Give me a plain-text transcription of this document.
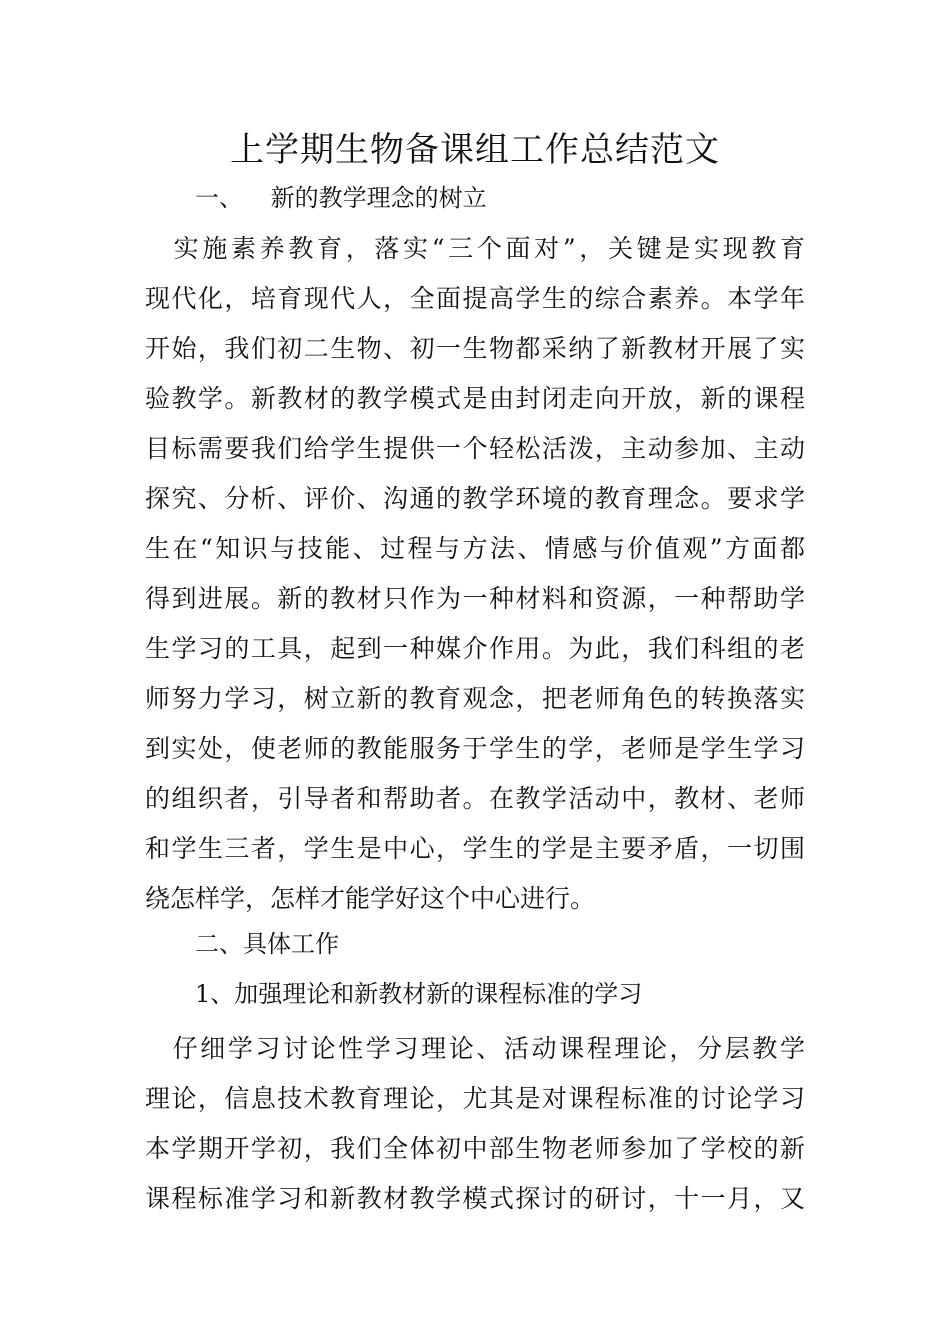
上学期生物备课组工作总结范文
一、 新的教学理念的树立
　实施素养教育，落实“三个面对”，关键是实现教育
现代化，培育现代人，全面提高学生的综合素养。本学年
开始，我们初二生物、初一生物都采纳了新教材开展了实
验教学。新教材的教学模式是由封闭走向开放，新的课程
目标需要我们给学生提供一个轻松活泼，主动参加、主动
探究、分析、评价、沟通的教学环境的教育理念。要求学
生在“知识与技能、过程与方法、情感与价值观”方面都
得到进展。新的教材只作为一种材料和资源，一种帮助学
生学习的工具，起到一种媒介作用。为此，我们科组的老
师努力学习，树立新的教育观念，把老师角色的转换落实
到实处，使老师的教能服务于学生的学，老师是学生学习
的组织者，引导者和帮助者。在教学活动中，教材、老师
和学生三者，学生是中心，学生的学是主要矛盾，一切围
绕怎样学，怎样才能学好这个中心进行。
二、具体工作
1、加强理论和新教材新的课程标准的学习
　仔细学习讨论性学习理论、活动课程理论，分层教学
理论，信息技术教育理论，尤其是对课程标准的讨论学习
本学期开学初，我们全体初中部生物老师参加了学校的新
课程标准学习和新教材教学模式探讨的研讨，十一月，又
